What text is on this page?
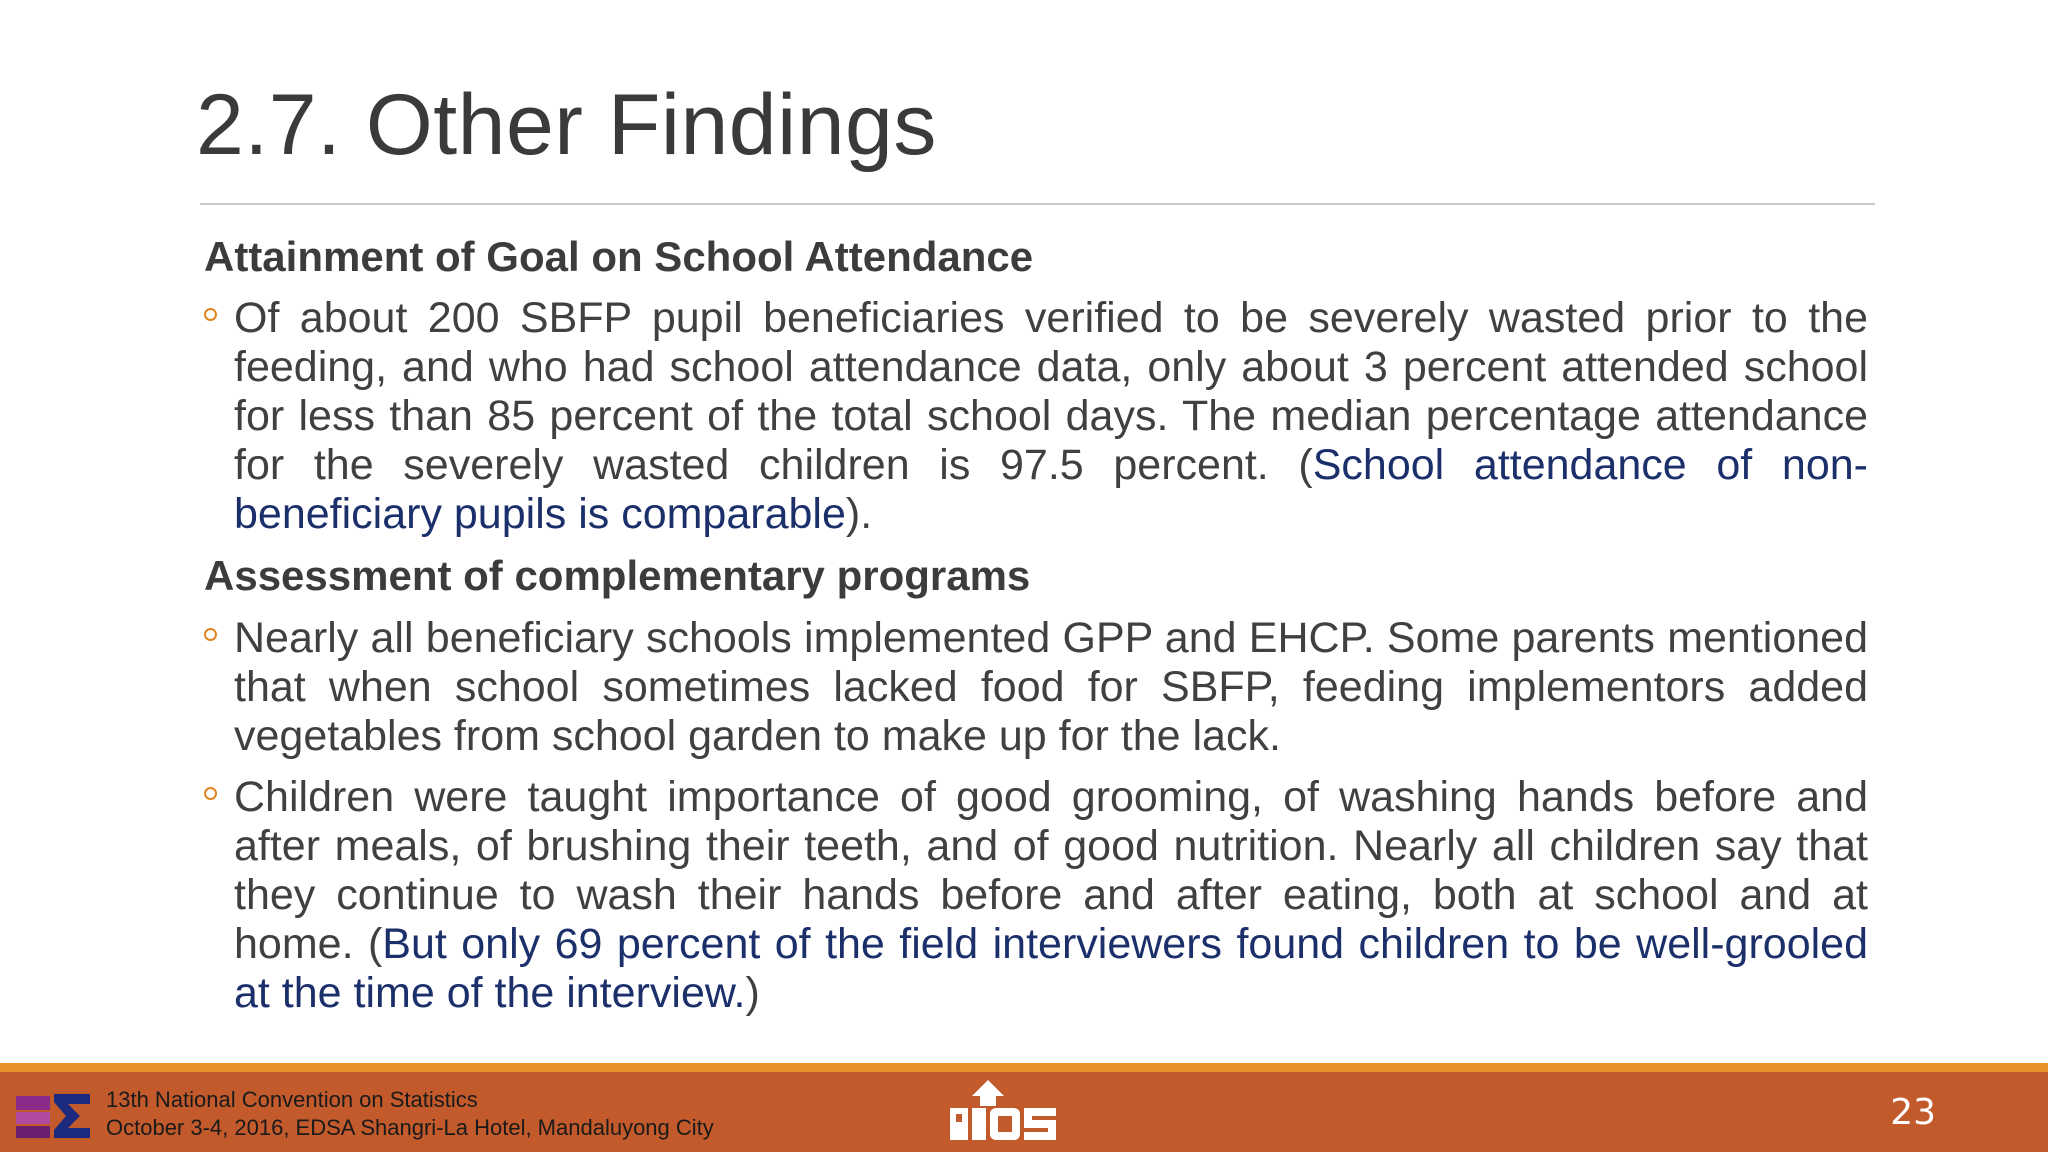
2.7. Other Findings
Attainment of Goal on School Attendance
Of about 200 SBFP pupil beneficiaries verified to be severely wasted prior to the feeding, and who had school attendance data, only about 3 percent attended school for less than 85 percent of the total school days. The median percentage attendance for the severely wasted children is 97.5 percent. (School attendance of non-beneficiary pupils is comparable).
Assessment of complementary programs
Nearly all beneficiary schools implemented GPP and EHCP. Some parents mentioned that when school sometimes lacked food for SBFP, feeding implementors added vegetables from school garden to make up for the lack.
Children were taught importance of good grooming, of washing hands before and after meals, of brushing their teeth, and of good nutrition. Nearly all children say that they continue to wash their hands before and after eating, both at school and at home. (But only 69 percent of the field interviewers found children to be well-grooled at the time of the interview.)
13th National Convention on Statistics
October 3-4, 2016, EDSA Shangri-La Hotel, Mandaluyong City	23
